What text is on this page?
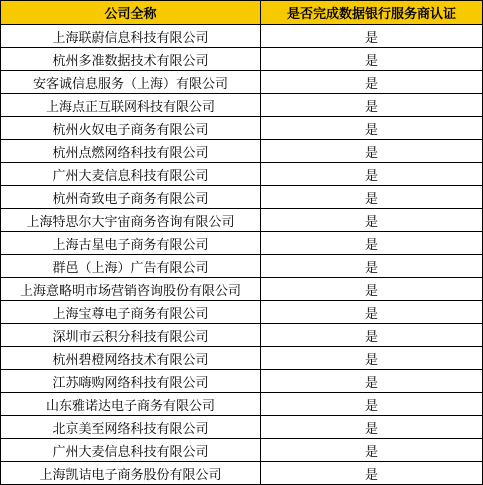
公司全称	是否完成数据银行服务商认证
上海联蔚信息科技有限公司	是
杭州多准数据技术有限公司	是
安客诚信息服务（上海）有限公司	是
上海点正互联网科技有限公司	是
杭州火奴电子商务有限公司	是
杭州点燃网络科技有限公司	是
广州大麦信息科技有限公司	是
杭州奇致电子商务有限公司	是
上海特思尔大宇宙商务咨询有限公司	是
上海古星电子商务有限公司	是
群邑（上海）广告有限公司	是
上海意略明市场营销咨询股份有限公司	是
上海宝尊电子商务有限公司	是
深圳市云积分科技有限公司	是
杭州碧橙网络技术有限公司	是
江苏嗨购网络科技有限公司	是
山东雅诺达电子商务有限公司	是
北京美至网络科技有限公司	是
广州大麦信息科技有限公司	是
上海凯诘电子商务股份有限公司	是
